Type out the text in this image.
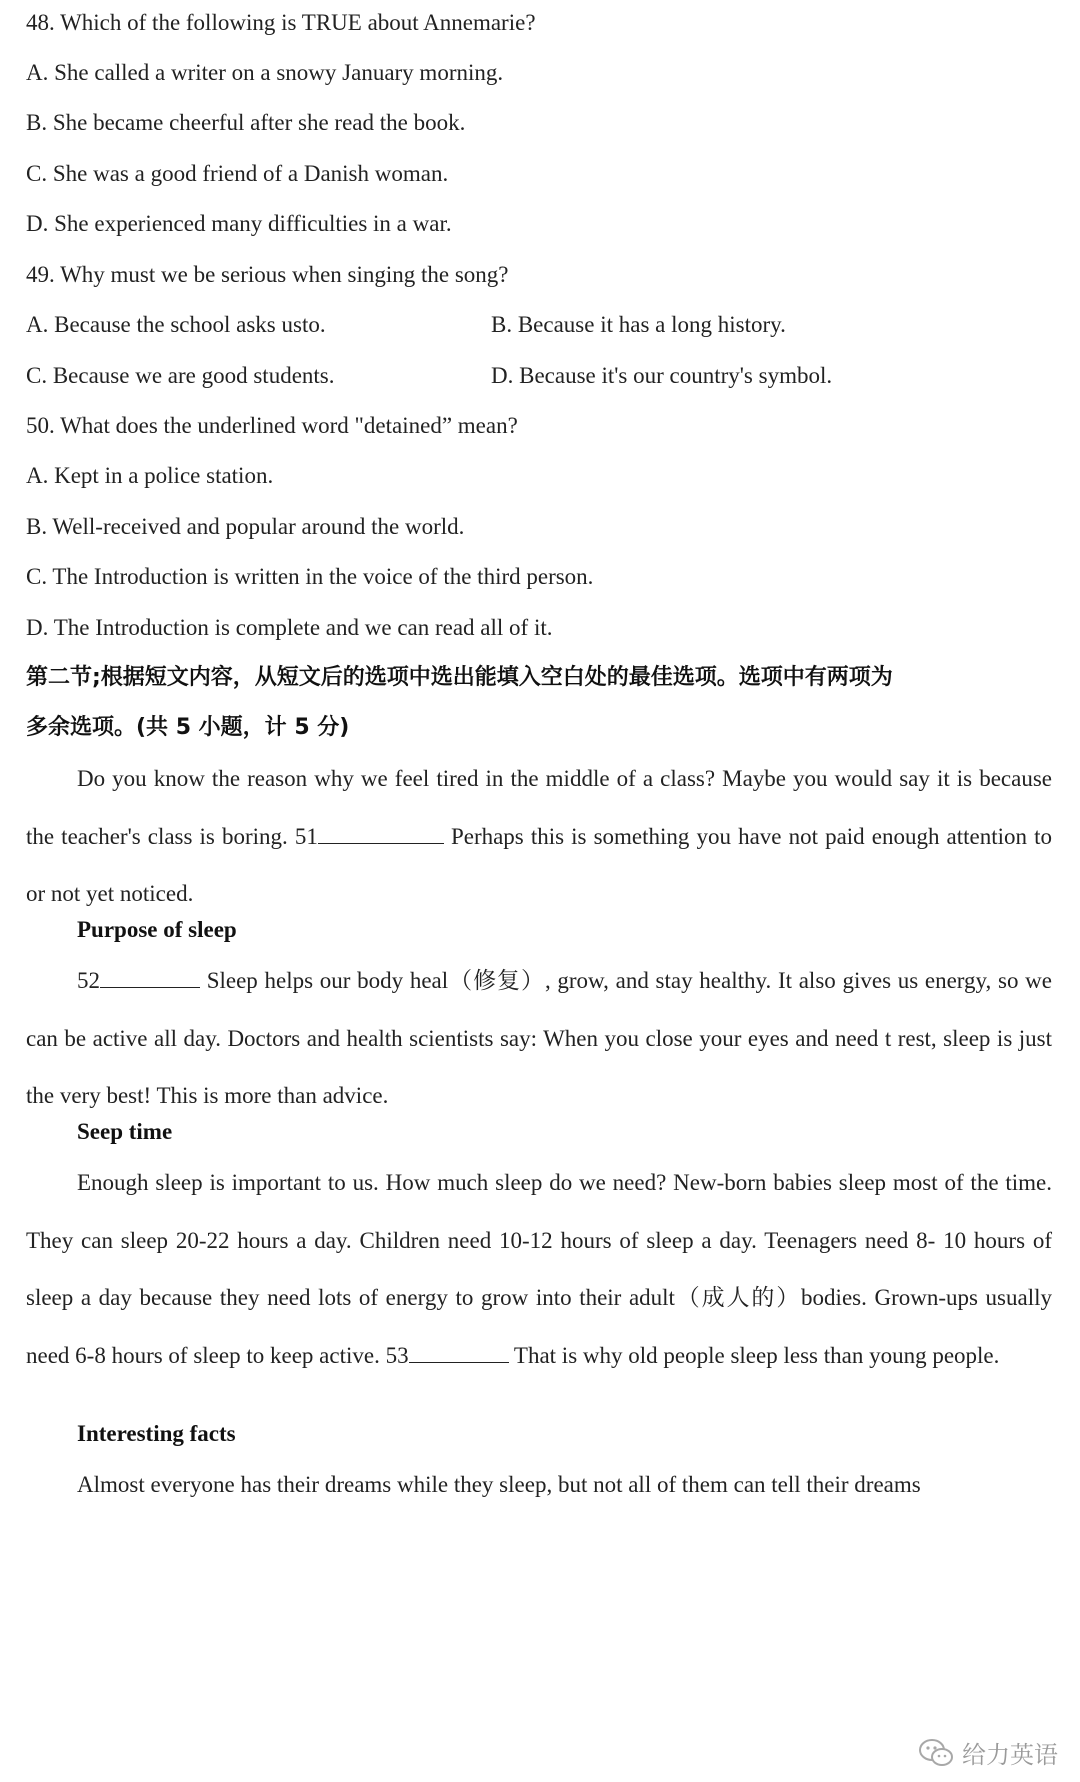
48. Which of the following is TRUE about Annemarie?
A. She called a writer on a snowy January morning.
B. She became cheerful after she read the book.
C. She was a good friend of a Danish woman.
D. She experienced many difficulties in a war.
49. Why must we be serious when singing the song?
A. Because the school asks usto.	B. Because it has a long history.
C. Because we are good students.	D. Because it's our country's symbol.
50. What does the underlined word "detained” mean?
A. Kept in a police station.
B. Well-received and popular around the world.
C. The Introduction is written in the voice of the third person.
D. The Introduction is complete and we can read all of it.
第二节;根据短文内容，从短文后的选项中选出能填入空白处的最佳选项。选项中有两项为
多余选项。(共 5 小题，计 5 分)
Do you know the reason why we feel tired in the middle of a class? Maybe you would say it is because the teacher's class is boring. 51	Perhaps this is something you have not paid enough attention to or not yet noticed.
Purpose of sleep
52	Sleep helps our body heal（修复）, grow, and stay healthy. It also gives us energy, so we can be active all day. Doctors and health scientists say: When you close your eyes and need t rest, sleep is just the very best! This is more than advice.
Seep time
Enough sleep is important to us. How much sleep do we need? New-born babies sleep most of the time. They can sleep 20-22 hours a day. Children need 10-12 hours of sleep a day. Teenagers need 8- 10 hours of sleep a day because they need lots of energy to grow into their adult（成人的）bodies. Grown-ups usually need 6-8 hours of sleep to keep active. 53	That is why old people sleep less than young people.
Interesting facts
Almost everyone has their dreams while they sleep, but not all of them can tell their dreams
给力英语
